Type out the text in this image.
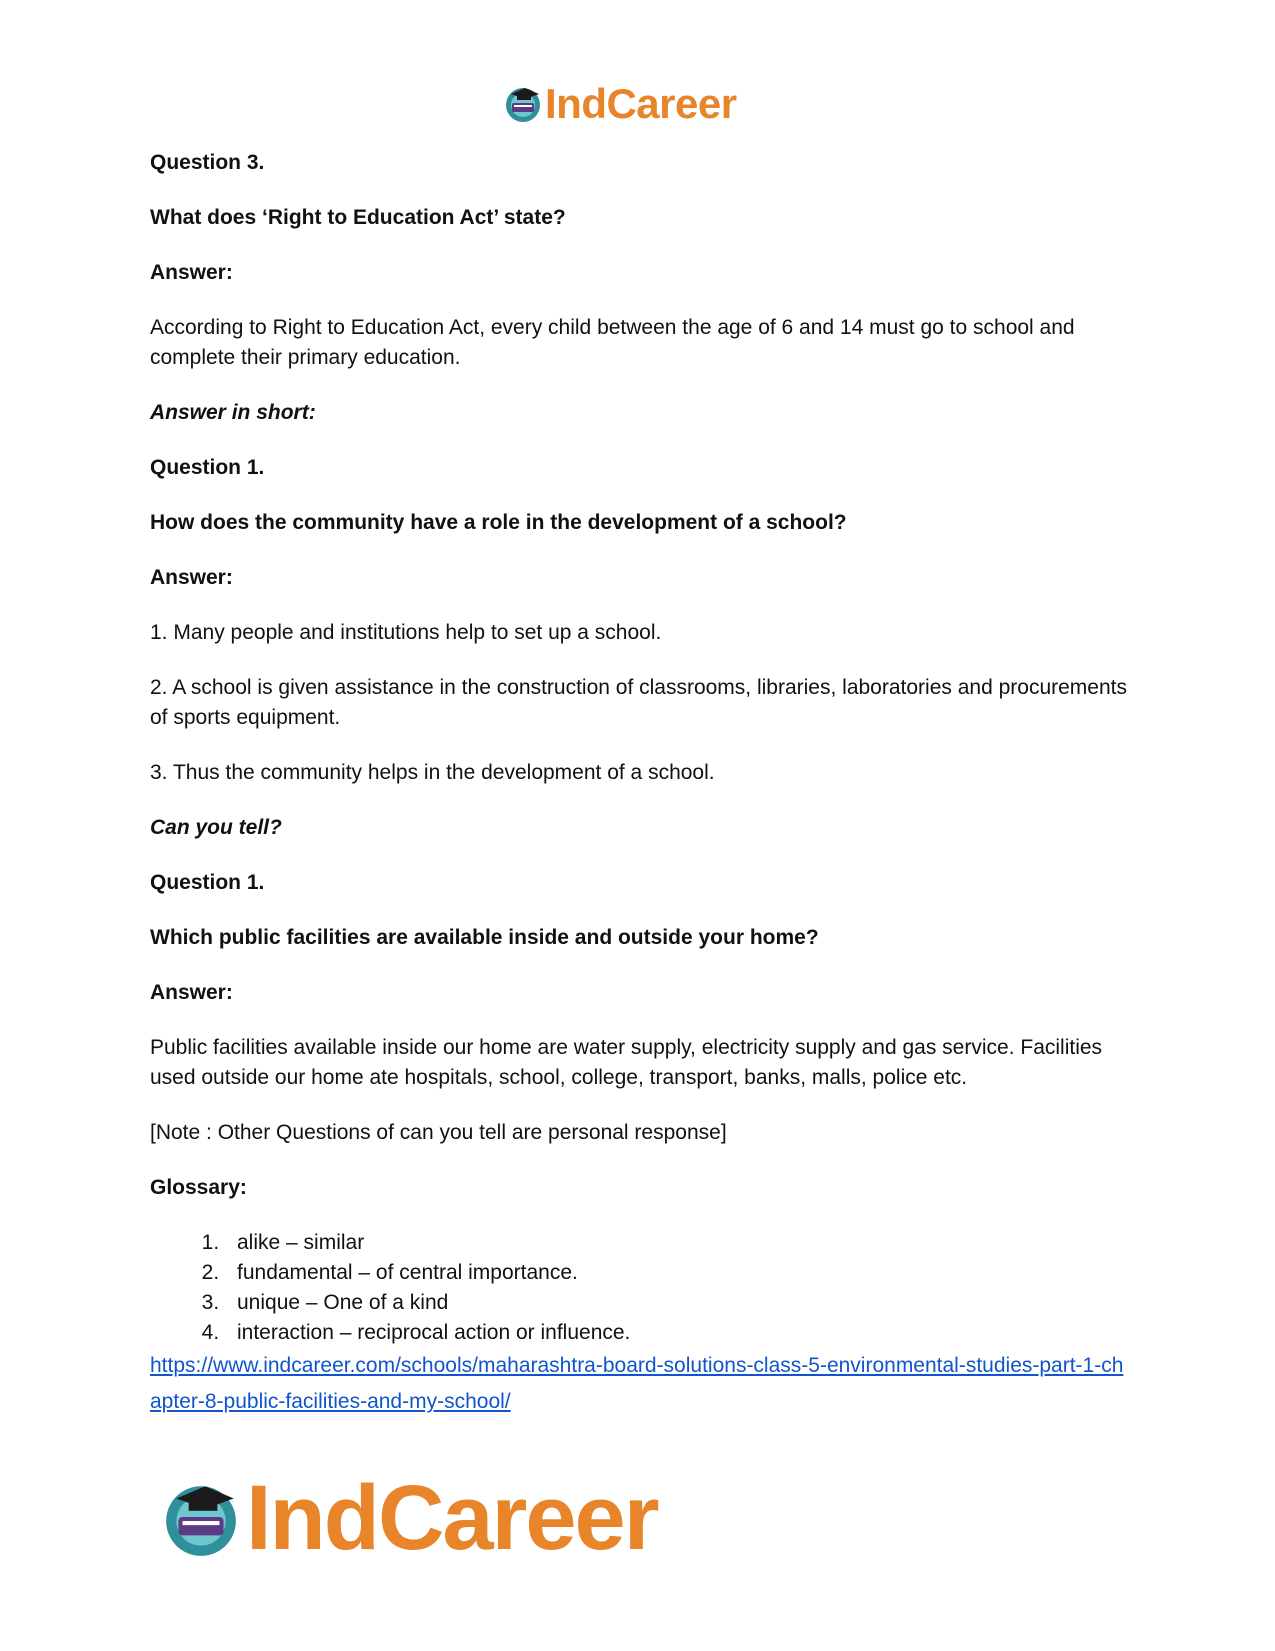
IndCareer

Question 3.

What does ‘Right to Education Act’ state?

Answer:

According to Right to Education Act, every child between the age of 6 and 14 must go to school and complete their primary education.

Answer in short:

Question 1.

How does the community have a role in the development of a school?

Answer:

1. Many people and institutions help to set up a school.

2. A school is given assistance in the construction of classrooms, libraries, laboratories and procurements of sports equipment.

3. Thus the community helps in the development of a school.

Can you tell?

Question 1.

Which public facilities are available inside and outside your home?

Answer:

Public facilities available inside our home are water supply, electricity supply and gas service. Facilities used outside our home ate hospitals, school, college, transport, banks, malls, police etc.

[Note : Other Questions of can you tell are personal response]

Glossary:

1. alike – similar
2. fundamental – of central importance.
3. unique – One of a kind
4. interaction – reciprocal action or influence.
https://www.indcareer.com/schools/maharashtra-board-solutions-class-5-environmental-studies-part-1-chapter-8-public-facilities-and-my-school/
IndCareer
